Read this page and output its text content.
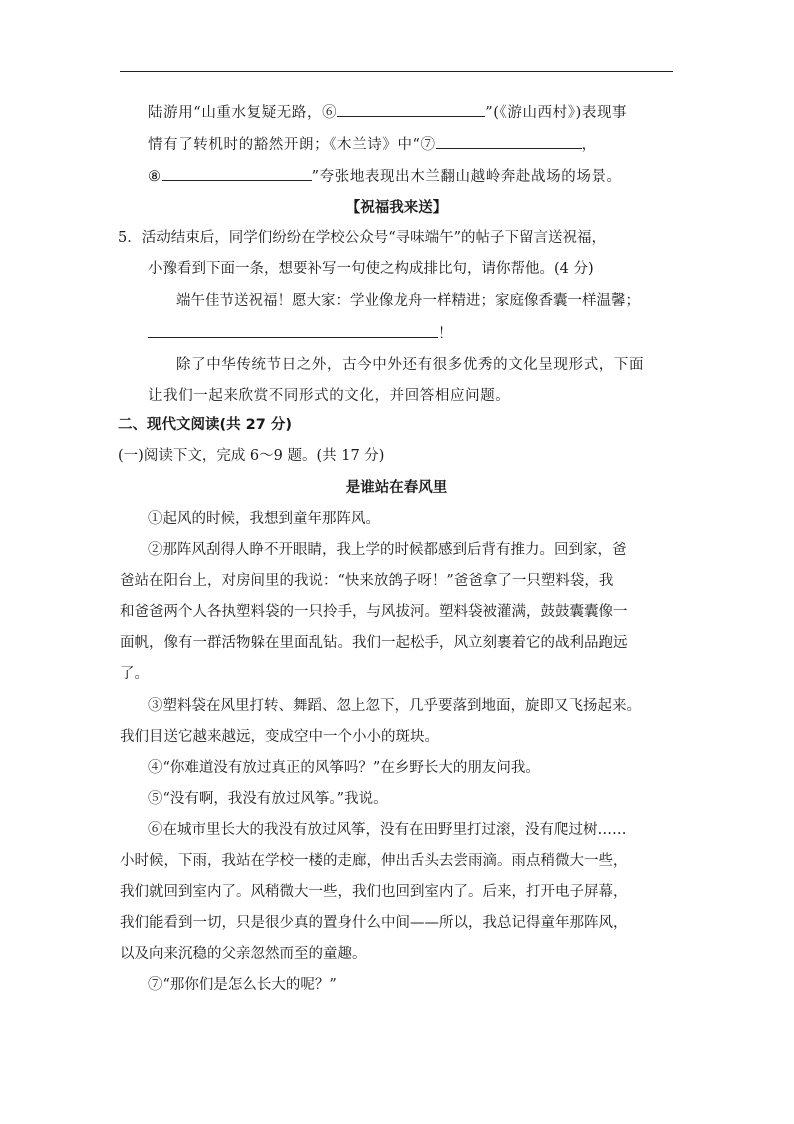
陆游用“山重水复疑无路，⑥	”(《游山西村》)表现事
情有了转机时的豁然开朗；《木兰诗》中“⑦	，
⑧	”夸张地表现出木兰翻山越岭奔赴战场的场景。
【祝福我来送】
5．活动结束后，同学们纷纷在学校公众号“寻味端午”的帖子下留言送祝福，
小豫看到下面一条，想要补写一句使之构成排比句，请你帮他。(4 分)
端午佳节送祝福！愿大家：学业像龙舟一样精进；家庭像香囊一样温馨；
！
除了中华传统节日之外，古今中外还有很多优秀的文化呈现形式，下面
让我们一起来欣赏不同形式的文化，并回答相应问题。
二、现代文阅读(共 27 分)
(一)阅读下文，完成 6～9 题。(共 17 分)
是谁站在春风里
①起风的时候，我想到童年那阵风。
②那阵风刮得人睁不开眼睛，我上学的时候都感到后背有推力。回到家，爸
爸站在阳台上，对房间里的我说：“快来放鸽子呀！”爸爸拿了一只塑料袋，我
和爸爸两个人各执塑料袋的一只拎手，与风拔河。塑料袋被灌满，鼓鼓囊囊像一
面帆，像有一群活物躲在里面乱钻。我们一起松手，风立刻裹着它的战利品跑远
了。
③塑料袋在风里打转、舞蹈、忽上忽下，几乎要落到地面，旋即又飞扬起来。
我们目送它越来越远，变成空中一个小小的斑块。
④“你难道没有放过真正的风筝吗？”在乡野长大的朋友问我。
⑤“没有啊，我没有放过风筝。”我说。
⑥在城市里长大的我没有放过风筝，没有在田野里打过滚，没有爬过树……
小时候，下雨，我站在学校一楼的走廊，伸出舌头去尝雨滴。雨点稍微大一些，
我们就回到室内了。风稍微大一些，我们也回到室内了。后来，打开电子屏幕，
我们能看到一切，只是很少真的置身什么中间——所以，我总记得童年那阵风，
以及向来沉稳的父亲忽然而至的童趣。
⑦“那你们是怎么长大的呢？”
